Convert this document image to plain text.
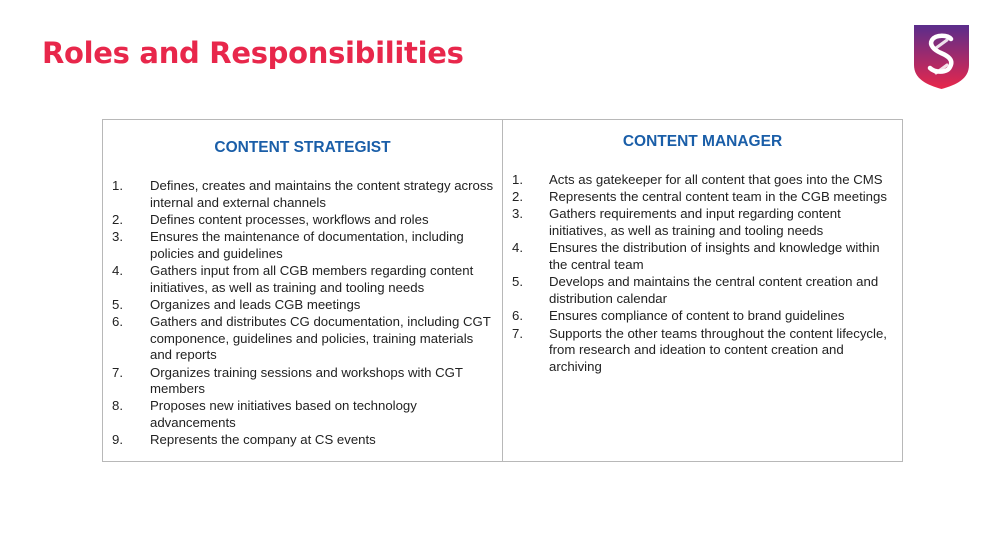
Roles and Responsibilities
CONTENT STRATEGIST
1. Defines, creates and maintains the content strategy across internal and external channels
2. Defines content processes, workflows and roles
3. Ensures the maintenance of documentation, including policies and guidelines
4. Gathers input from all CGB members regarding content initiatives, as well as training and tooling needs
5. Organizes and leads CGB meetings
6. Gathers and distributes CG documentation, including CGT componence, guidelines and policies, training materials and reports
7. Organizes training sessions and workshops with CGT members
8. Proposes new initiatives based on technology advancements
9. Represents the company at CS events
CONTENT MANAGER
1. Acts as gatekeeper for all content that goes into the CMS
2. Represents the central content team in the CGB meetings
3. Gathers requirements and input regarding content initiatives, as well as training and tooling needs
4. Ensures the distribution of insights and knowledge within the central team
5. Develops and maintains the central content creation and distribution calendar
6. Ensures compliance of content to brand guidelines
7. Supports the other teams throughout the content lifecycle, from research and ideation to content creation and archiving
